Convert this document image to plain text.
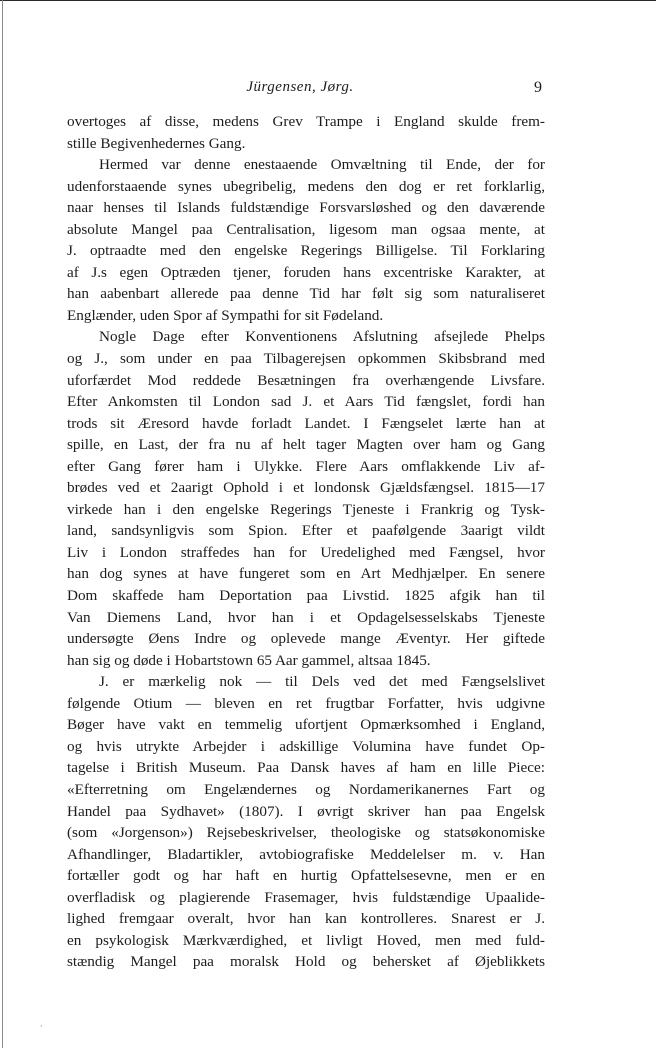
Jürgensen, Jørg.	9
overtoges af disse, medens Grev Trampe i England skulde frem-
stille Begivenhedernes Gang.
Hermed var denne enestaaende Omvæltning til Ende, der for
udenforstaaende synes ubegribelig, medens den dog er ret forklarlig,
naar henses til Islands fuldstændige Forsvarsløshed og den daværende
absolute Mangel paa Centralisation, ligesom man ogsaa mente, at
J. optraadte med den engelske Regerings Billigelse. Til Forklaring
af J.s egen Optræden tjener, foruden hans excentriske Karakter, at
han aabenbart allerede paa denne Tid har følt sig som naturaliseret
Englænder, uden Spor af Sympathi for sit Fødeland.
Nogle Dage efter Konventionens Afslutning afsejlede Phelps
og J., som under en paa Tilbagerejsen opkommen Skibsbrand med
uforfærdet Mod reddede Besætningen fra overhængende Livsfare.
Efter Ankomsten til London sad J. et Aars Tid fængslet, fordi han
trods sit Æresord havde forladt Landet. I Fængselet lærte han at
spille, en Last, der fra nu af helt tager Magten over ham og Gang
efter Gang fører ham i Ulykke. Flere Aars omflakkende Liv af-
brødes ved et 2aarigt Ophold i et londonsk Gjældsfængsel. 1815—17
virkede han i den engelske Regerings Tjeneste i Frankrig og Tysk-
land, sandsynligvis som Spion. Efter et paafølgende 3aarigt vildt
Liv i London straffedes han for Uredelighed med Fængsel, hvor
han dog synes at have fungeret som en Art Medhjælper. En senere
Dom skaffede ham Deportation paa Livstid. 1825 afgik han til
Van Diemens Land, hvor han i et Opdagelsesselskabs Tjeneste
undersøgte Øens Indre og oplevede mange Æventyr. Her giftede
han sig og døde i Hobartstown 65 Aar gammel, altsaa 1845.
J. er mærkelig nok — til Dels ved det med Fængselslivet
følgende Otium — bleven en ret frugtbar Forfatter, hvis udgivne
Bøger have vakt en temmelig ufortjent Opmærksomhed i England,
og hvis utrykte Arbejder i adskillige Volumina have fundet Op-
tagelse i British Museum. Paa Dansk haves af ham en lille Piece:
«Efterretning om Engelændernes og Nordamerikanernes Fart og
Handel paa Sydhavet» (1807). I øvrigt skriver han paa Engelsk
(som «Jorgenson») Rejsebeskrivelser, theologiske og statsøkonomiske
Afhandlinger, Bladartikler, avtobiografiske Meddelelser m. v. Han
fortæller godt og har haft en hurtig Opfattelsesevne, men er en
overfladisk og plagierende Frasemager, hvis fuldstændige Upaalide-
lighed fremgaar overalt, hvor han kan kontrolleres. Snarest er J.
en psykologisk Mærkværdighed, et livligt Hoved, men med fuld-
stændig Mangel paa moralsk Hold og behersket af Øjeblikkets
·
